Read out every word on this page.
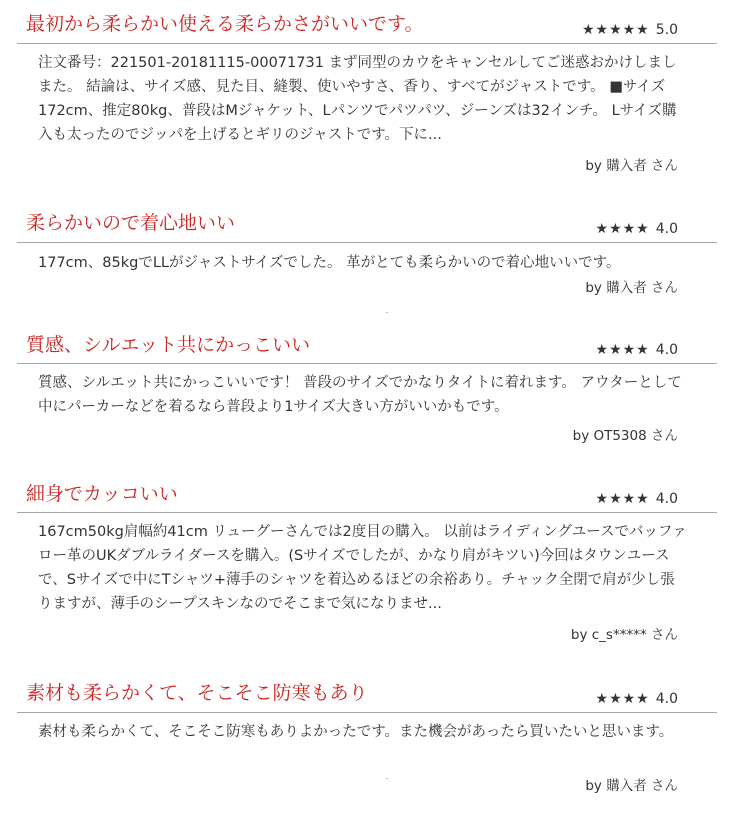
最初から柔らかい使える柔らかさがいいです。	★★★★★ 5.0
注文番号：221501-20181115-00071731 まず同型のカウをキャンセルしてご迷惑おかけしましまた。 結論は、サイズ感、見た目、縫製、使いやすさ、香り、すべてがジャストです。 ■サイズ 172cm、推定80kg、普段はMジャケット、Lパンツでパツパツ、ジーンズは32インチ。 Lサイズ購入も太ったのでジッパを上げるとギリのジャストです。下に...
by 購入者 さん
柔らかいので着心地いい	★★★★ 4.0
177cm、85kgでLLがジャストサイズでした。 革がとても柔らかいので着心地いいです。
by 購入者 さん
質感、シルエット共にかっこいい	★★★★ 4.0
質感、シルエット共にかっこいいです！ 普段のサイズでかなりタイトに着れます。 アウターとして中にパーカーなどを着るなら普段より1サイズ大きい方がいいかもです。
by OT5308 さん
細身でカッコいい	★★★★ 4.0
167cm50kg肩幅約41cm リューグーさんでは2度目の購入。 以前はライディングユースでバッファロー革のUKダブルライダースを購入。(Sサイズでしたが、かなり肩がキツい)今回はタウンユースで、Sサイズで中にTシャツ+薄手のシャツを着込めるほどの余裕あり。チャック全閉で肩が少し張りますが、薄手のシープスキンなのでそこまで気になりませ...
by c_s***** さん
素材も柔らかくて、そこそこ防寒もあり	★★★★ 4.0
素材も柔らかくて、そこそこ防寒もありよかったです。また機会があったら買いたいと思います。
by 購入者 さん
